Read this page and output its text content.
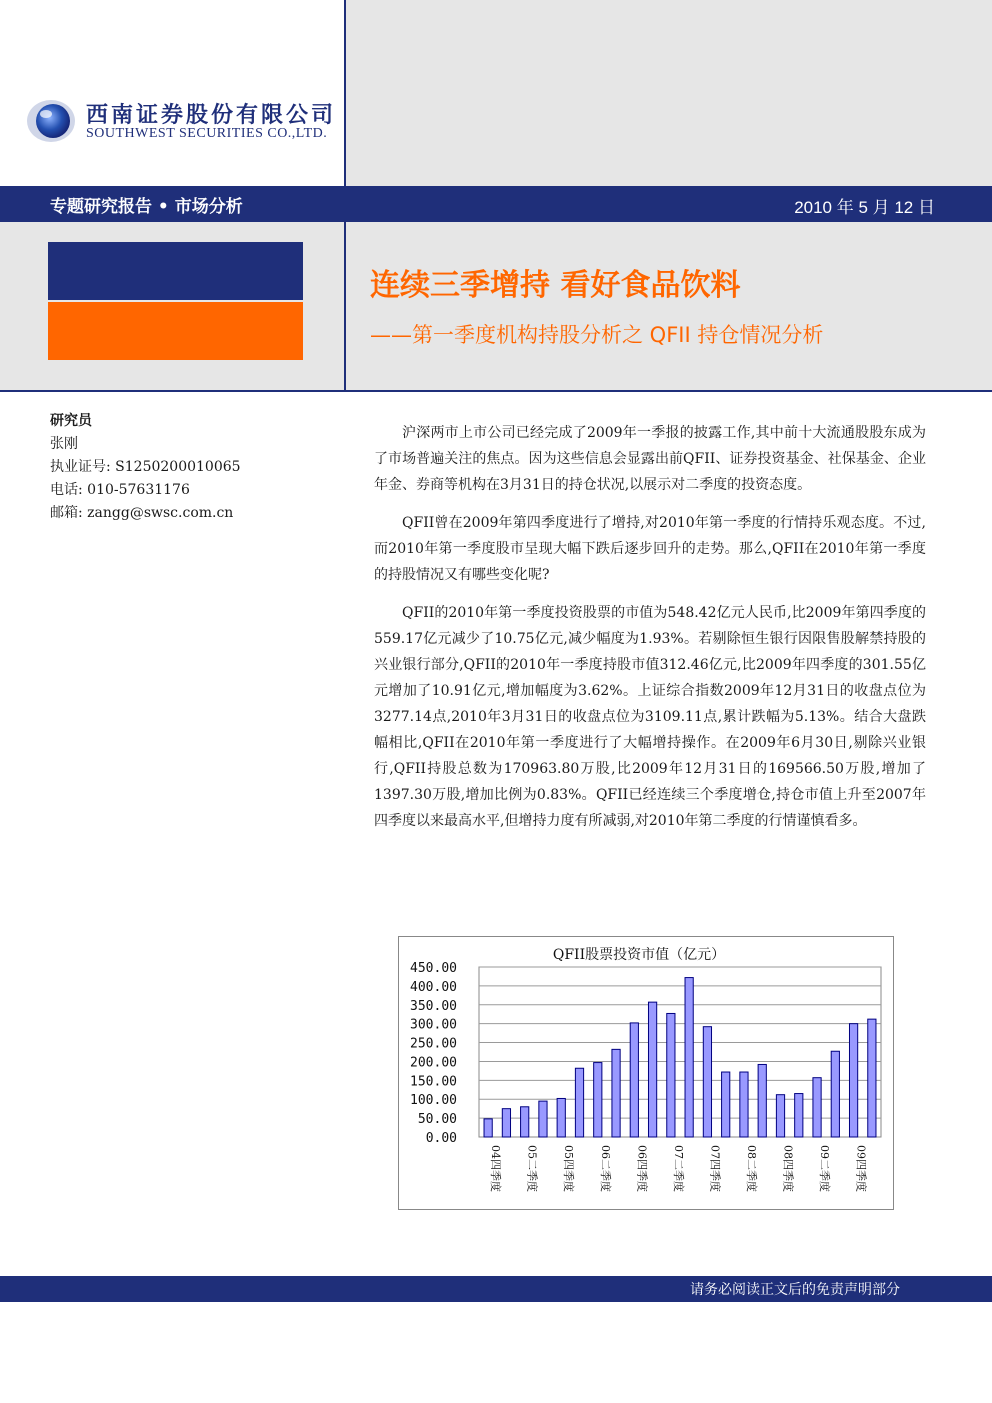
西南证券股份有限公司
SOUTHWEST SECURITIES CO.,LTD.
专题研究报告 • 市场分析	2010 年 5 月 12 日
连续三季增持 看好食品饮料
——第一季度机构持股分析之 QFII 持仓情况分析
研究员
张刚
执业证号: S1250200010065
电话: 010-57631176
邮箱: zangg@swsc.com.cn

沪深两市上市公司已经完成了2009年一季报的披露工作,其中前十大流通股股东成为了市场普遍关注的焦点。因为这些信息会显露出前QFII、证券投资基金、社保基金、企业年金、券商等机构在3月31日的持仓状况,以展示对二季度的投资态度。

QFII曾在2009年第四季度进行了增持,对2010年第一季度的行情持乐观态度。不过,而2010年第一季度股市呈现大幅下跌后逐步回升的走势。那么,QFII在2010年第一季度的持股情况又有哪些变化呢?

QFII的2010年第一季度投资股票的市值为548.42亿元人民币,比2009年第四季度的559.17亿元减少了10.75亿元,减少幅度为1.93%。若剔除恒生银行因限售股解禁持股的兴业银行部分,QFII的2010年一季度持股市值312.46亿元,比2009年四季度的301.55亿元增加了10.91亿元,增加幅度为3.62%。上证综合指数2009年12月31日的收盘点位为3277.14点,2010年3月31日的收盘点位为3109.11点,累计跌幅为5.13%。结合大盘跌幅相比,QFII在2010年第一季度进行了大幅增持操作。在2009年6月30日,剔除兴业银行,QFII持股总数为170963.80万股,比2009年12月31日的169566.50万股,增加了1397.30万股,增加比例为0.83%。QFII已经连续三个季度增仓,持仓市值上升至2007年四季度以来最高水平,但增持力度有所减弱,对2010年第二季度的行情谨慎看多。

QFII股票投资市值（亿元）
450.00
400.00
350.00
300.00
250.00
200.00
150.00
100.00
50.00
0.00
04四季度 05二季度 05四季度 06二季度 06四季度 07二季度 07四季度 08二季度 08四季度 09二季度 09四季度
请务必阅读正文后的免责声明部分
